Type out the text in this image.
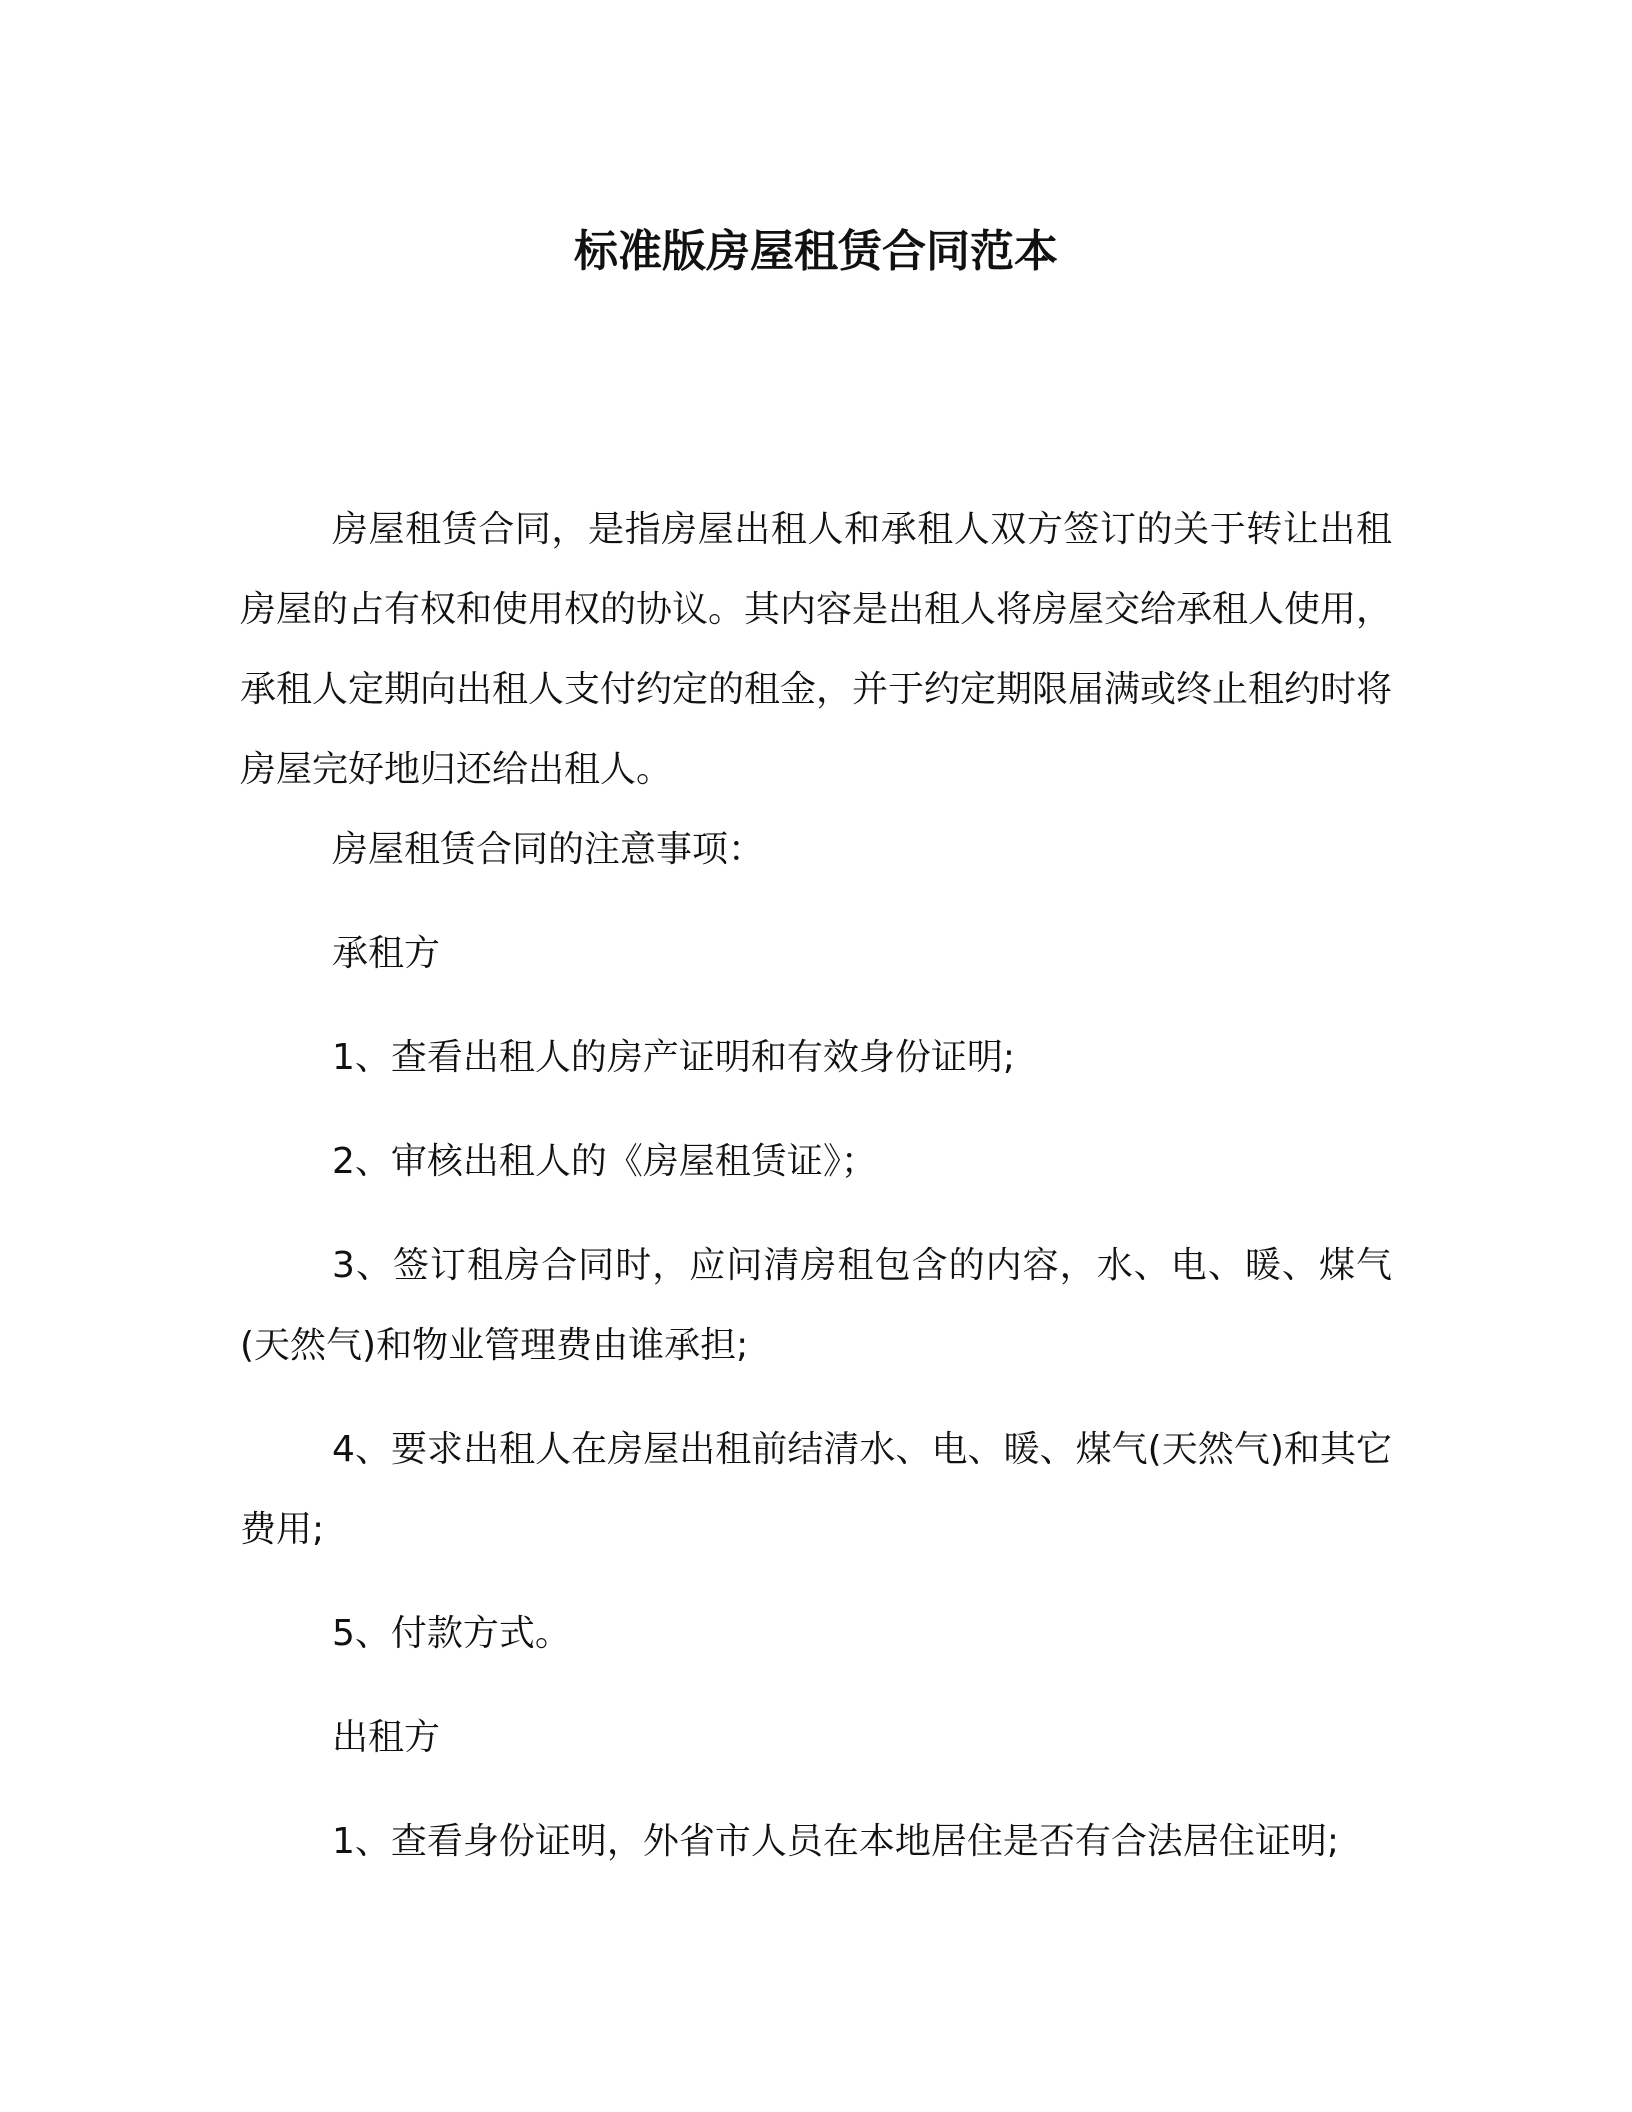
标准版房屋租赁合同范本

房屋租赁合同，是指房屋出租人和承租人双方签订的关于转让出租房屋的占有权和使用权的协议。其内容是出租人将房屋交给承租人使用，承租人定期向出租人支付约定的租金，并于约定期限届满或终止租约时将房屋完好地归还给出租人。

房屋租赁合同的注意事项：

承租方

1、查看出租人的房产证明和有效身份证明;

2、审核出租人的《房屋租赁证》；

3、签订租房合同时，应问清房租包含的内容，水、电、暖、煤气(天然气)和物业管理费由谁承担;

4、要求出租人在房屋出租前结清水、电、暖、煤气(天然气)和其它费用;

5、付款方式。

出租方

1、查看身份证明，外省市人员在本地居住是否有合法居住证明;
